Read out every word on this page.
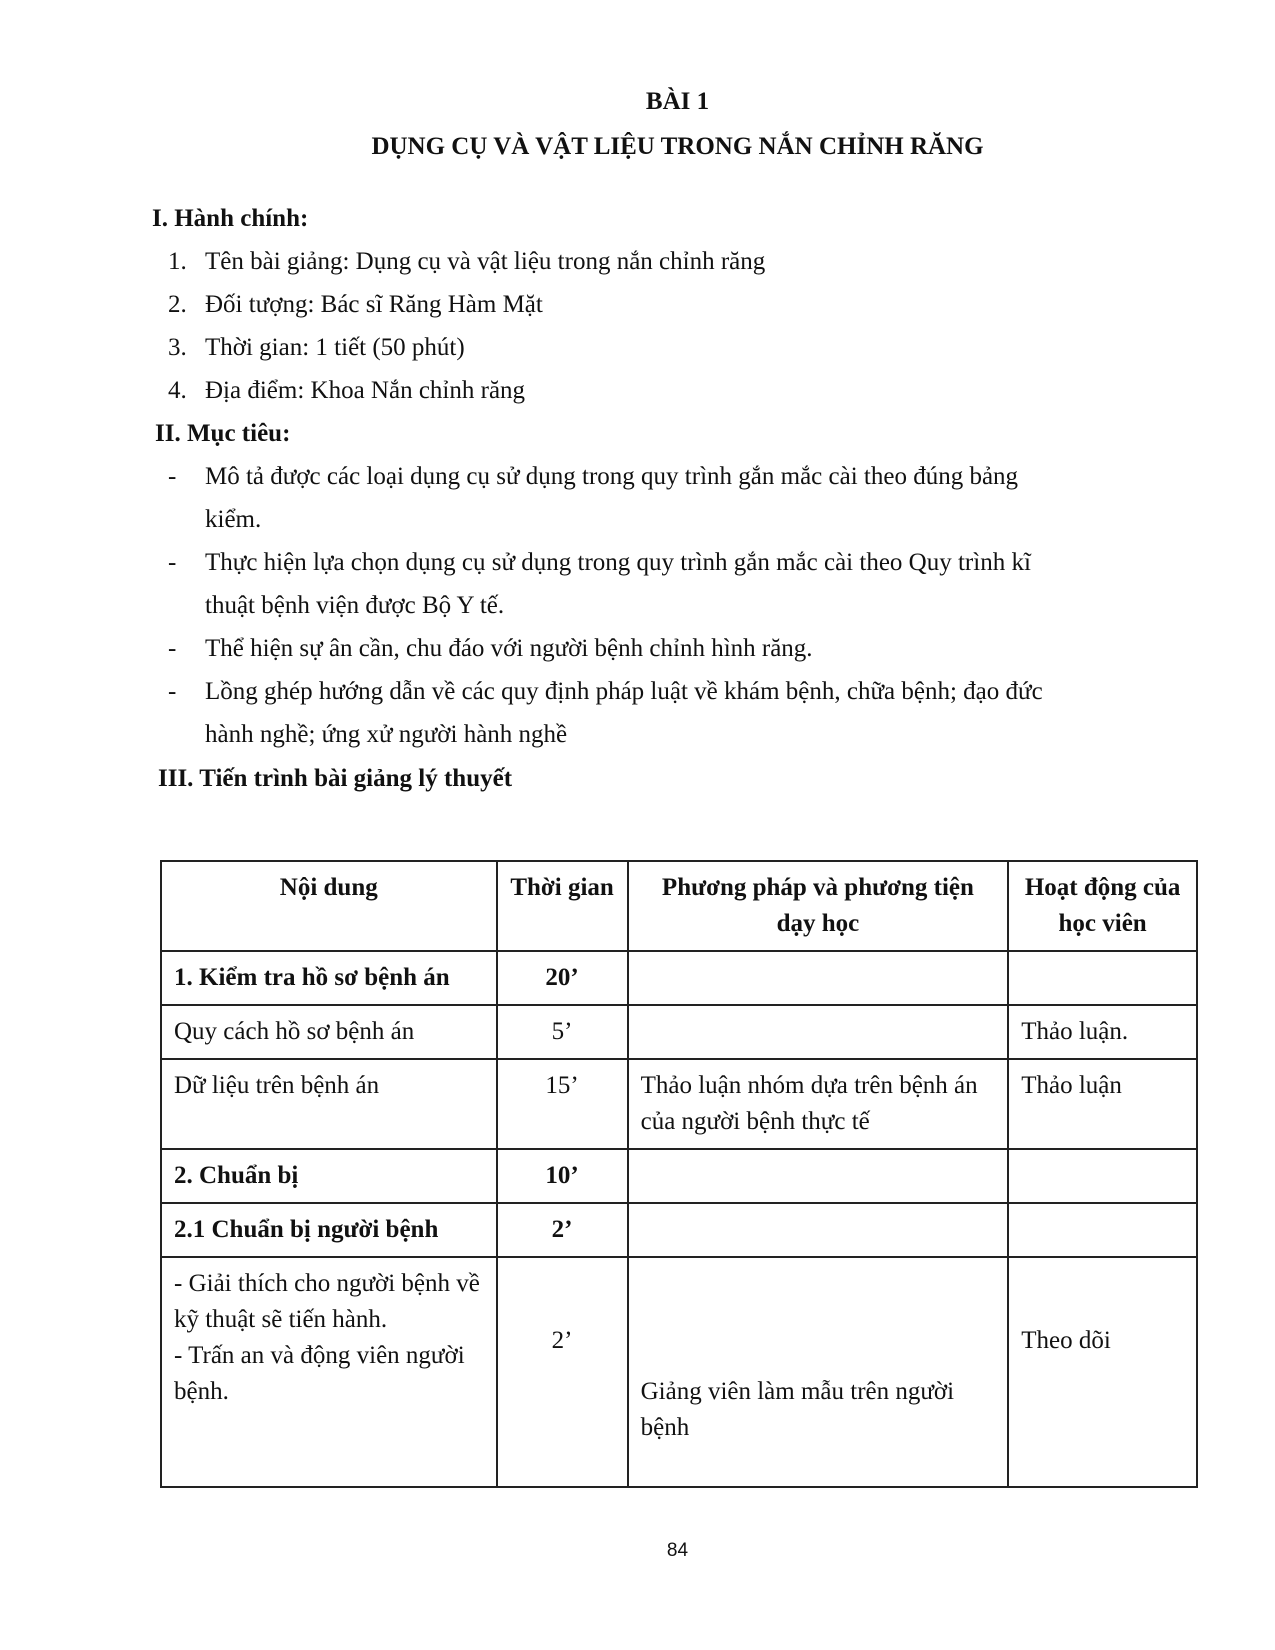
BÀI 1
DỤNG CỤ VÀ VẬT LIỆU TRONG NẮN CHỈNH RĂNG
I. Hành chính:
1. Tên bài giảng: Dụng cụ và vật liệu trong nắn chỉnh răng
2. Đối tượng: Bác sĩ Răng Hàm Mặt
3. Thời gian: 1 tiết (50 phút)
4. Địa điểm: Khoa Nắn chỉnh răng
II. Mục tiêu:
- Mô tả được các loại dụng cụ sử dụng trong quy trình gắn mắc cài theo đúng bảng
kiểm.
- Thực hiện lựa chọn dụng cụ sử dụng trong quy trình gắn mắc cài theo Quy trình kĩ
thuật bệnh viện được Bộ Y tế.
- Thể hiện sự ân cần, chu đáo với người bệnh chỉnh hình răng.
- Lồng ghép hướng dẫn về các quy định pháp luật về khám bệnh, chữa bệnh; đạo đức
hành nghề; ứng xử người hành nghề
III. Tiến trình bài giảng lý thuyết
Nội dung	Thời gian	Phương pháp và phương tiện dạy học	Hoạt động của học viên
1. Kiểm tra hồ sơ bệnh án	20’		
Quy cách hồ sơ bệnh án	5’		Thảo luận.
Dữ liệu trên bệnh án	15’	Thảo luận nhóm dựa trên bệnh án của người bệnh thực tế	Thảo luận
2. Chuẩn bị	10’		
2.1 Chuẩn bị người bệnh	2’		

- Giải thích cho người bệnh về kỹ thuật sẽ tiến hành.
- Trấn an và động viên người bệnh.	2’	Giảng viên làm mẫu trên người bệnh	Theo dõi
84
